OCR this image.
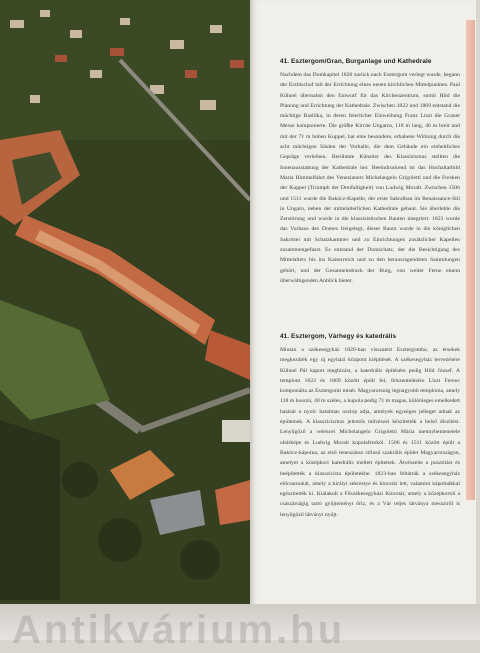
41. Esztergom/Gran, Burganlage und Kathedrale

Nachdem das Domkapitel 1820 zurück nach Esztergom verlegt wurde, begann der Erzbischof mit der Errichtung eines neuen kirchlichen Mittelpunktes. Paul Kühnel übernahm den Entwurf für das Kirchenzentrum, somit Hild die Planung und Errichtung der Kathedrale. Zwischen 1822 und 1869 entstand die mächtige Basilika, in deren feierlicher Einweihung Franz Liszt die Graner Messe komponierte. Die größte Kirche Ungarns, 118 m lang, 40 m breit und mit der 71 m hohen Kuppel, hat eine besondere, erhabene Wirkung durch die acht mächtigen Säulen der Vorhalle, die dem Gebäude ein einheitliches Gepräge verleihen. Berühmte Künstler des Klassizismus stellten die Innenausstattung der Kathedrale her. Beeindruckend ist das Hochaltarbild Maria Himmelfahrt des Venezianers Michelangelo Grigoletti und die Fresken der Kuppel (Triumph der Dreifaltigkeit) von Ludwig Moralt. Zwischen 1506 und 1511 wurde die Bakócz-Kapelle, der erste Sakralbau im Renaissance-Stil in Ungarn, neben der mittelalterlichen Kathedrale gebaut. Sie überlebte die Zerstörung und wurde in die klassizistischen Bauten integriert. 1823 wurde das Vorhaus des Domes freigelegt, dieser Raum wurde in die königlichen Sakristei mit Schatzkammer und zu Einrichtungen zusätzlicher Kapellen zusammengefasst. Es entstand der Domschatz, der die Besichtigung des Mittelalters bis ins Kaiserreich und zu den herausragendsten Sammlungen gehört, und der Gesamteindruck der Burg, von weiter Ferne einem überwältigenden Anblick bietet.

41. Esztergom, Várhegy és katedrális

Miután a székesegyház 1820-ban visszatért Esztergomba, az érsekek megkezdték egy új egyházi központ kiépítését. A székesegyház tervezésére Kühnel Pál kapott megbízást, a katedrális építésére pedig Hild József. A templom 1822 és 1869 között épült fel, felszentelésére Liszt Ferenc komponálta az Esztergomi misét. Magyarország legnagyobb temploma, amely 118 m hosszú, 40 m széles, a kupola pedig 71 m magas, különleges emelkedett hatását a nyolc hatalmas oszlop adja, amelyek egységes jelleget adnak az épületnek. A klasszicizmus jelentős művészei készítették a belső díszítést. Lenyűgöző a velencei Michelangelo Grigoletti Mária mennybemenetele oltárképe és Ludwig Moralt kupolafreskói. 1506 és 1511 között épült a Bakócz-kápolna, az első reneszánsz stílusú szakrális épület Magyarországon, amelyet a középkori katedrális mellett építettek. Átvészelte a pusztítást és beépítették a klasszicista épületekbe. 1823-ban feltárták a székesegyház előcsarnokát, amely a királyi sekrestye és kincstár lett, valamint kápolnákkal egészítették ki. Kialakult a Főszékesegyházi Kincstár, amely a középkortól a császárságig tartó gyűjteményt őriz, és a Vár teljes látványa messziről is lenyűgöző látványt nyújt.

Antikvárium.hu
